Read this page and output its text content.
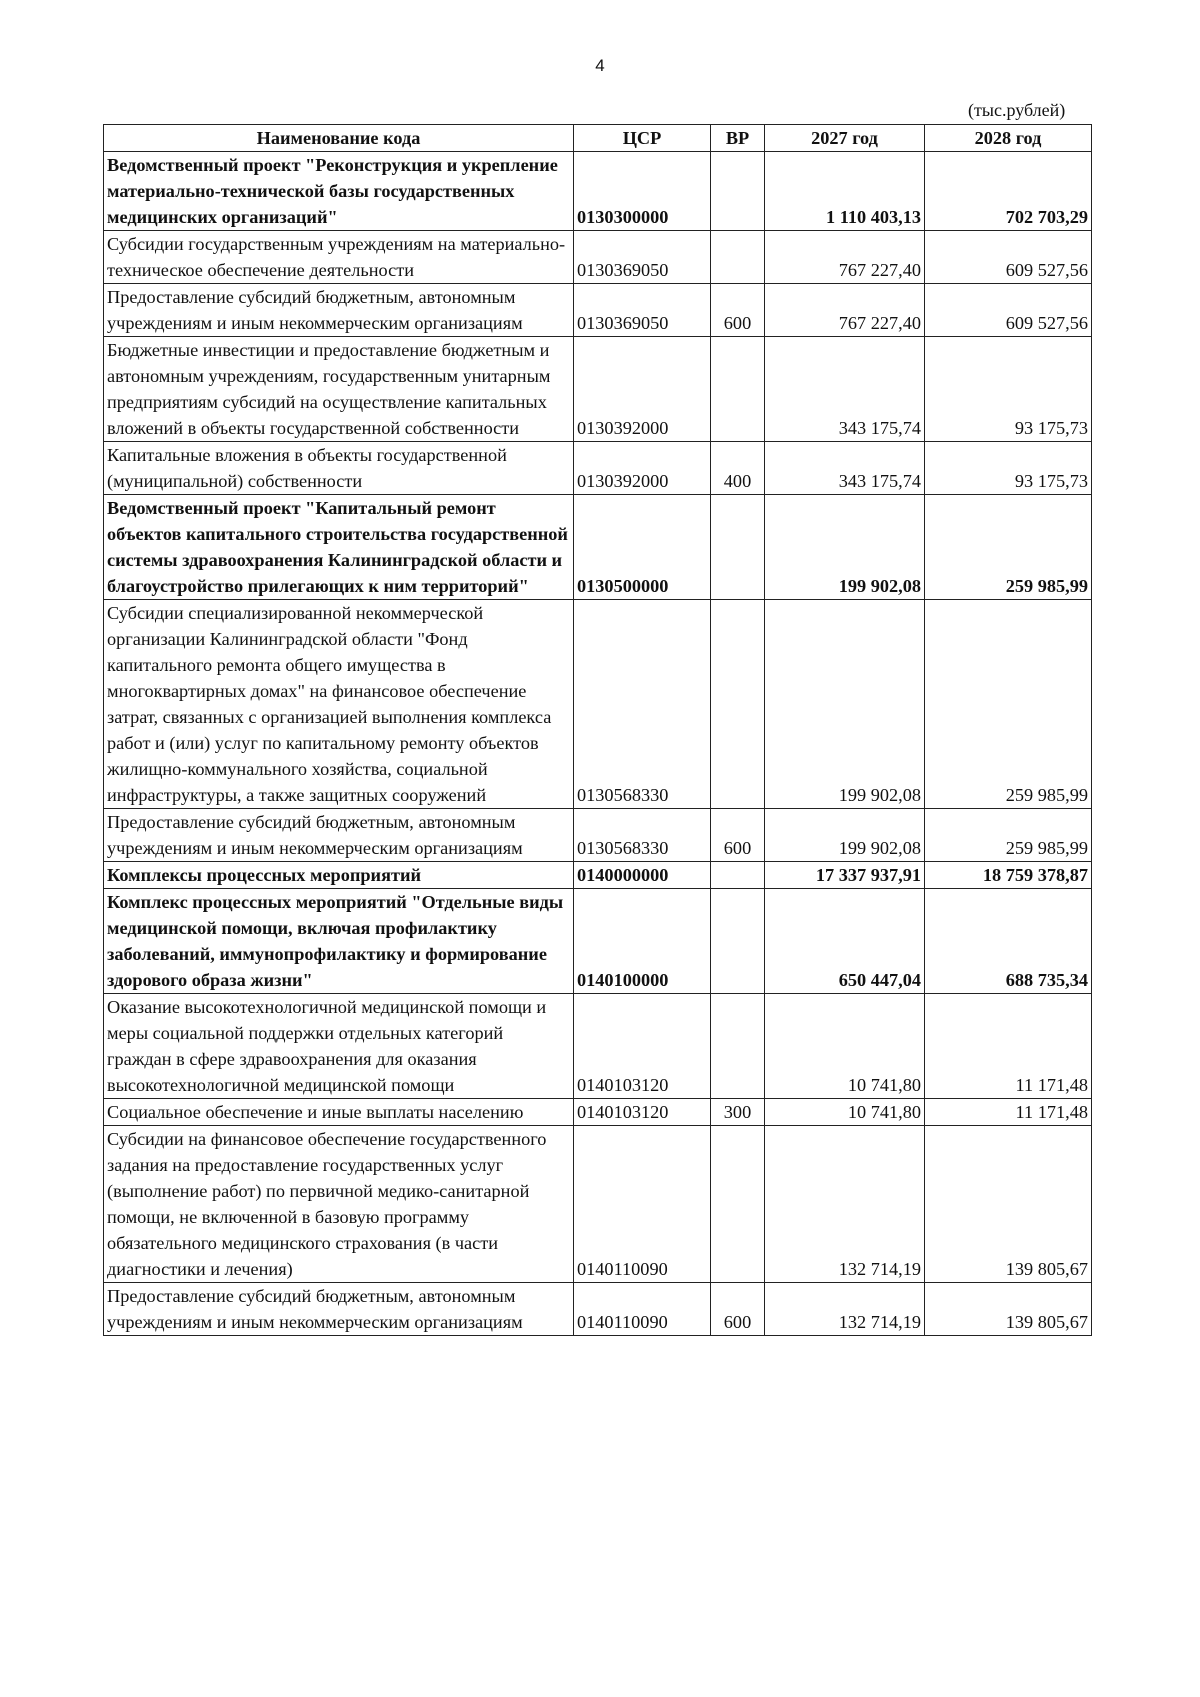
4
(тыс.рублей)
Наименование кода	ЦСР	ВР	2027 год	2028 год
Ведомственный проект "Реконструкция и укрепление материально-технической базы государственных медицинских организаций"	0130300000		1 110 403,13	702 703,29
Субсидии государственным учреждениям на материально-техническое обеспечение деятельности	0130369050		767 227,40	609 527,56
Предоставление субсидий бюджетным, автономным учреждениям и иным некоммерческим организациям	0130369050	600	767 227,40	609 527,56
Бюджетные инвестиции и предоставление бюджетным и автономным учреждениям, государственным унитарным предприятиям субсидий на осуществление капитальных вложений в объекты государственной собственности	0130392000		343 175,74	93 175,73
Капитальные вложения в объекты государственной (муниципальной) собственности	0130392000	400	343 175,74	93 175,73
Ведомственный проект "Капитальный ремонт объектов капитального строительства государственной системы здравоохранения Калининградской области и благоустройство прилегающих к ним территорий"	0130500000		199 902,08	259 985,99
Субсидии специализированной некоммерческой организации Калининградской области "Фонд капитального ремонта общего имущества в многоквартирных домах" на финансовое обеспечение затрат, связанных с организацией выполнения комплекса работ и (или) услуг по капитальному ремонту объектов жилищно-коммунального хозяйства, социальной инфраструктуры, а также защитных сооружений	0130568330		199 902,08	259 985,99
Предоставление субсидий бюджетным, автономным учреждениям и иным некоммерческим организациям	0130568330	600	199 902,08	259 985,99
Комплексы процессных мероприятий	0140000000		17 337 937,91	18 759 378,87
Комплекс процессных мероприятий "Отдельные виды медицинской помощи, включая профилактику заболеваний, иммунопрофилактику и формирование здорового образа жизни"	0140100000		650 447,04	688 735,34
Оказание высокотехнологичной медицинской помощи и меры социальной поддержки отдельных категорий граждан в сфере здравоохранения для оказания высокотехнологичной медицинской помощи	0140103120		10 741,80	11 171,48
Социальное обеспечение и иные выплаты населению	0140103120	300	10 741,80	11 171,48
Субсидии на финансовое обеспечение государственного задания на предоставление государственных услуг (выполнение работ) по первичной медико-санитарной помощи, не включенной в базовую программу обязательного медицинского страхования (в части диагностики и лечения)	0140110090		132 714,19	139 805,67
Предоставление субсидий бюджетным, автономным учреждениям и иным некоммерческим организациям	0140110090	600	132 714,19	139 805,67
